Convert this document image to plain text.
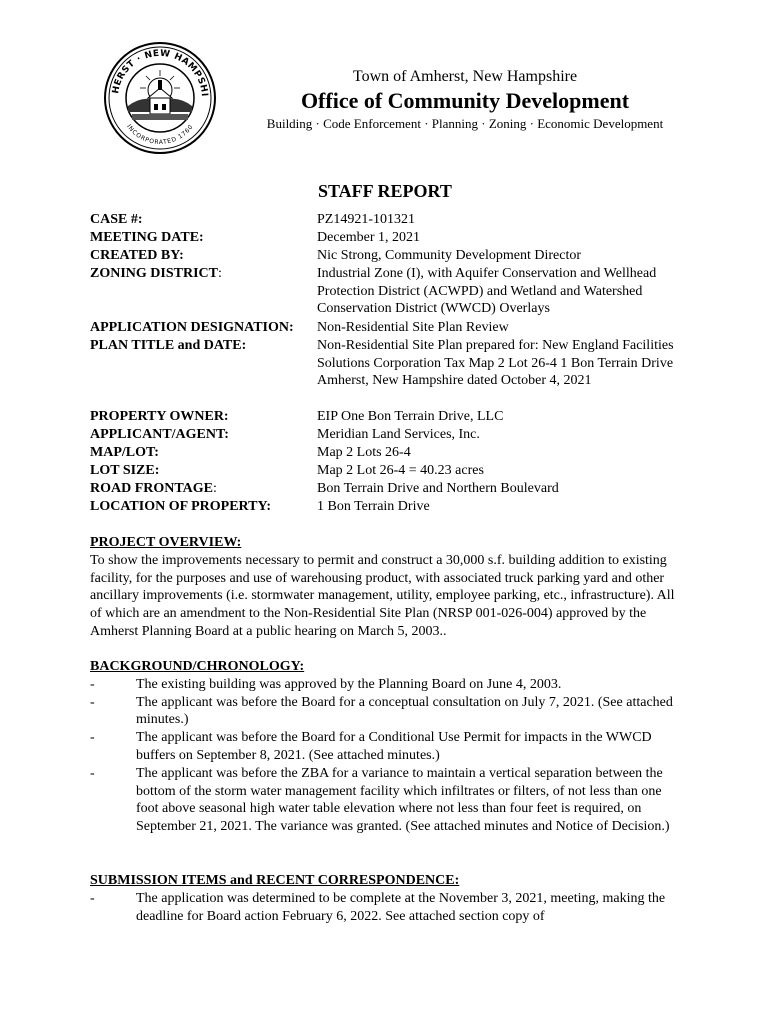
HERST · NEW HAMPSHI
INCORPORATED 1760
Town of Amherst, New Hampshire
Office of Community Development
Building · Code Enforcement · Planning · Zoning · Economic Development
STAFF REPORT
CASE #:	PZ14921-101321
MEETING DATE:	December 1, 2021
CREATED BY:	Nic Strong, Community Development Director
ZONING DISTRICT:	Industrial Zone (I), with Aquifer Conservation and Wellhead Protection District (ACWPD) and Wetland and Watershed Conservation District (WWCD) Overlays
APPLICATION DESIGNATION: Non-Residential Site Plan Review
PLAN TITLE and DATE:	Non-Residential Site Plan prepared for: New England Facilities Solutions Corporation Tax Map 2 Lot 26-4 1 Bon Terrain Drive Amherst, New Hampshire dated October 4, 2021
PROPERTY OWNER:	EIP One Bon Terrain Drive, LLC
APPLICANT/AGENT:	Meridian Land Services, Inc.
MAP/LOT:	Map 2 Lots 26-4
LOT SIZE:	Map 2 Lot 26-4 = 40.23 acres
ROAD FRONTAGE:	Bon Terrain Drive and Northern Boulevard
LOCATION OF PROPERTY:	1 Bon Terrain Drive
PROJECT OVERVIEW:

To show the improvements necessary to permit and construct a 30,000 s.f. building addition to existing facility, for the purposes and use of warehousing product, with associated truck parking yard and other ancillary improvements (i.e. stormwater management, utility, employee parking, etc., infrastructure). All of which are an amendment to the Non-Residential Site Plan (NRSP 001-026-004) approved by the Amherst Planning Board at a public hearing on March 5, 2003..

BACKGROUND/CHRONOLOGY:
-	The existing building was approved by the Planning Board on June 4, 2003.
-	The applicant was before the Board for a conceptual consultation on July 7, 2021. (See attached minutes.)
-	The applicant was before the Board for a Conditional Use Permit for impacts in the WWCD buffers on September 8, 2021. (See attached minutes.)
-	The applicant was before the ZBA for a variance to maintain a vertical separation between the bottom of the storm water management facility which infiltrates or filters, of not less than one foot above seasonal high water table elevation where not less than four feet is required, on September 21, 2021. The variance was granted. (See attached minutes and Notice of Decision.)
SUBMISSION ITEMS and RECENT CORRESPONDENCE:
-	The application was determined to be complete at the November 3, 2021, meeting, making the deadline for Board action February 6, 2022. See attached section copy of
